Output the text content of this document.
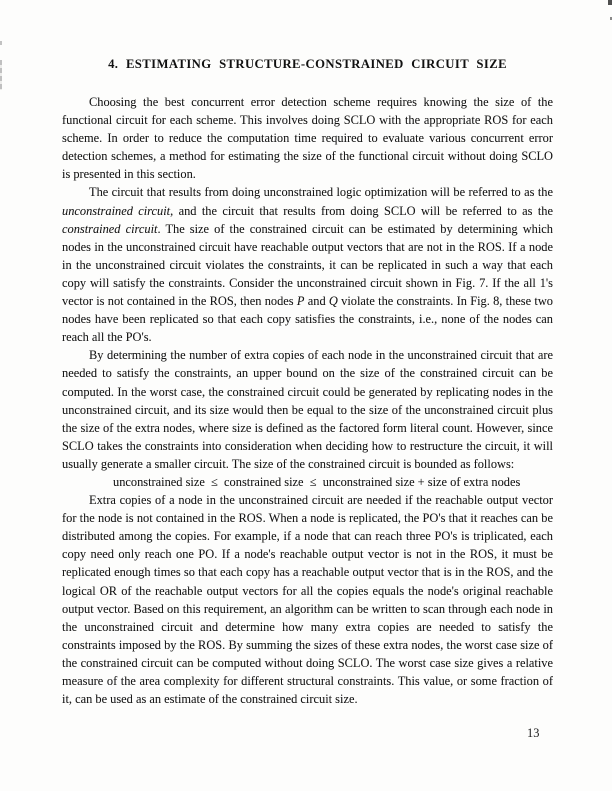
4. ESTIMATING STRUCTURE-CONSTRAINED CIRCUIT SIZE

Choosing the best concurrent error detection scheme requires knowing the size of the functional circuit for each scheme. This involves doing SCLO with the appropriate ROS for each scheme. In order to reduce the computation time required to evaluate various concurrent error detection schemes, a method for estimating the size of the functional circuit without doing SCLO is presented in this section.

The circuit that results from doing unconstrained logic optimization will be referred to as the unconstrained circuit, and the circuit that results from doing SCLO will be referred to as the constrained circuit. The size of the constrained circuit can be estimated by determining which nodes in the unconstrained circuit have reachable output vectors that are not in the ROS. If a node in the unconstrained circuit violates the constraints, it can be replicated in such a way that each copy will satisfy the constraints. Consider the unconstrained circuit shown in Fig. 7. If the all 1's vector is not contained in the ROS, then nodes P and Q violate the constraints. In Fig. 8, these two nodes have been replicated so that each copy satisfies the constraints, i.e., none of the nodes can reach all the PO's.

By determining the number of extra copies of each node in the unconstrained circuit that are needed to satisfy the constraints, an upper bound on the size of the constrained circuit can be computed. In the worst case, the constrained circuit could be generated by replicating nodes in the unconstrained circuit, and its size would then be equal to the size of the unconstrained circuit plus the size of the extra nodes, where size is defined as the factored form literal count. However, since SCLO takes the constraints into consideration when deciding how to restructure the circuit, it will usually generate a smaller circuit. The size of the constrained circuit is bounded as follows:

unconstrained size  ≤  constrained size  ≤  unconstrained size + size of extra nodes

Extra copies of a node in the unconstrained circuit are needed if the reachable output vector for the node is not contained in the ROS. When a node is replicated, the PO's that it reaches can be distributed among the copies. For example, if a node that can reach three PO's is triplicated, each copy need only reach one PO. If a node's reachable output vector is not in the ROS, it must be replicated enough times so that each copy has a reachable output vector that is in the ROS, and the logical OR of the reachable output vectors for all the copies equals the node's original reachable output vector. Based on this requirement, an algorithm can be written to scan through each node in the unconstrained circuit and determine how many extra copies are needed to satisfy the constraints imposed by the ROS. By summing the sizes of these extra nodes, the worst case size of the constrained circuit can be computed without doing SCLO. The worst case size gives a relative measure of the area complexity for different structural constraints. This value, or some fraction of it, can be used as an estimate of the constrained circuit size.

13
